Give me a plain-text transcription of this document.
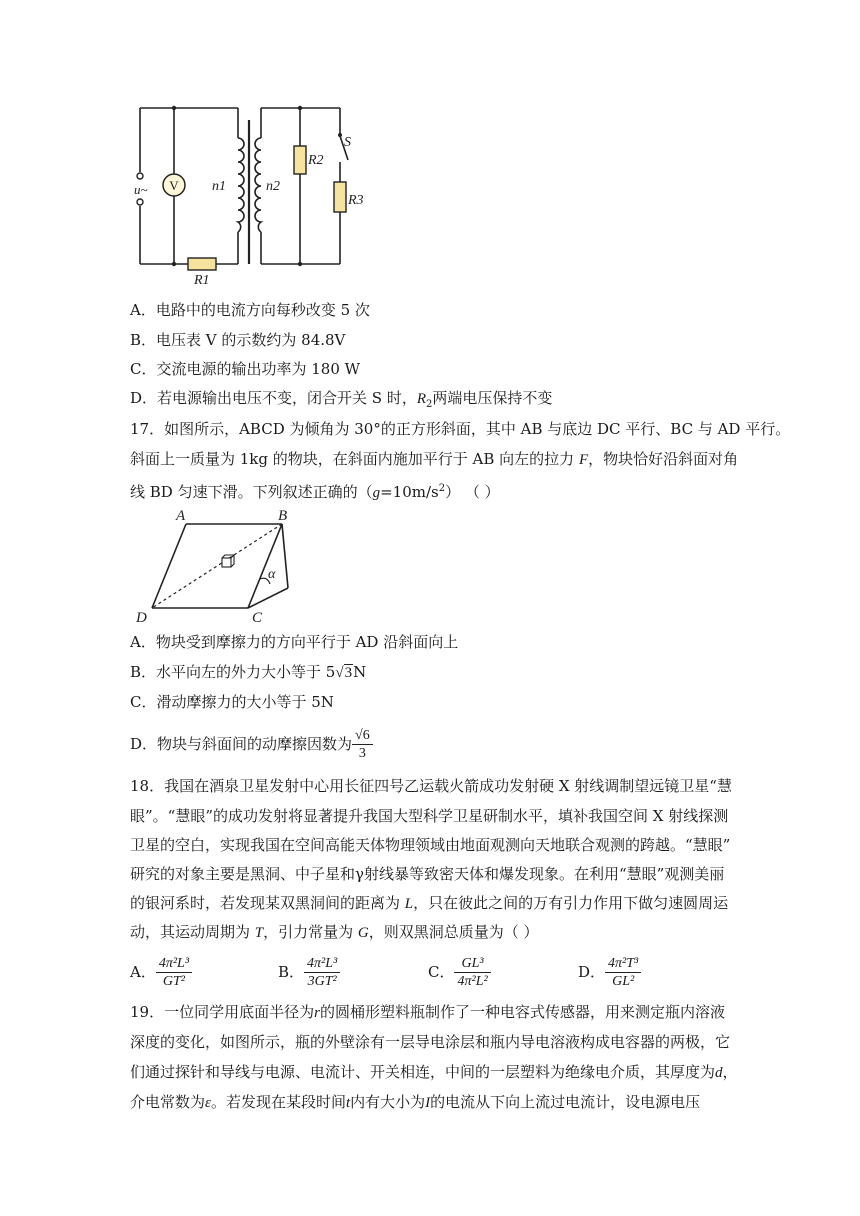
V
u~	n1	n2
R1
R2
R3
S
A．电路中的电流方向每秒改变 5 次
B．电压表 V 的示数约为 84.8V
C．交流电源的输出功率为 180 W
D．若电源输出电压不变，闭合开关 S 时，$R_2$两端电压保持不变
17．如图所示，ABCD 为倾角为 30°的正方形斜面，其中 AB 与底边 DC 平行、BC 与 AD 平行。
斜面上一质量为 1kg 的物块，在斜面内施加平行于 AB 向左的拉力 F，物块恰好沿斜面对角
线 BD 匀速下滑。下列叙述正确的$(g=10m/s^2)$ （ ）
A	B
C
D
α
A．物块受到摩擦力的方向平行于 AD 沿斜面向上
B．水平向左的外力大小等于 5√3N
C．滑动摩擦力的大小等于 5N
D．物块与斜面间的动摩擦因数为 $\frac{√6}{3}$
18．我国在酒泉卫星发射中心用长征四号乙运载火箭成功发射硬 X 射线调制望远镜卫星“慧
眼”。“慧眼”的成功发射将显著提升我国大型科学卫星研制水平，填补我国空间 X 射线探测
卫星的空白，实现我国在空间高能天体物理领域由地面观测向天地联合观测的跨越。“慧眼”
研究的对象主要是黑洞、中子星和γ射线暴等致密天体和爆发现象。在利用“慧眼”观测美丽
的银河系时，若发现某双黑洞间的距离为 L，只在彼此之间的万有引力作用下做匀速圆周运
动，其运动周期为 T，引力常量为 G，则双黑洞总质量为（ ）
A． $\frac{\text{4π²L³}}{\text{GT²}}$	B． $\frac{\text{4π²L³}}{\text{3GT²}}$	C． $\frac{\text{GL³}}{\text{4π²L²}}$	D． $\frac{\text{4π²T³}}{\text{GL²}}$
19．一位同学用底面半径为r的圆桶形塑料瓶制作了一种电容式传感器，用来测定瓶内溶液
深度的变化，如图所示，瓶的外壁涂有一层导电涂层和瓶内导电溶液构成电容器的两极，它
们通过探针和导线与电源、电流计、开关相连，中间的一层塑料为绝缘电介质，其厚度为d，
介电常数为ε。若发现在某段时间t内有大小为I的电流从下向上流过电流计，设电源电压
